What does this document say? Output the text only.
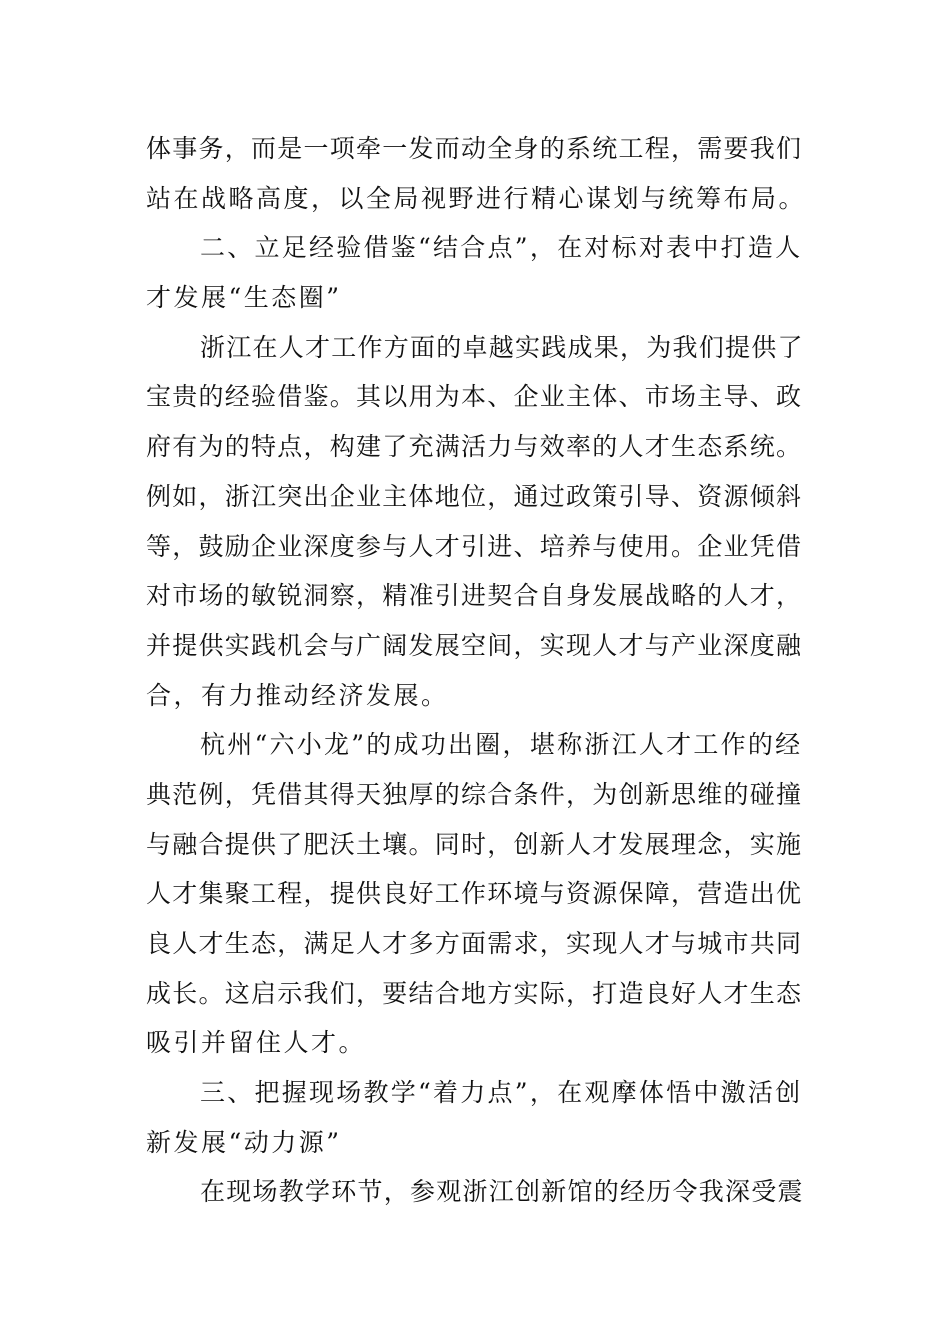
体事务，而是一项牵一发而动全身的系统工程，需要我们
站在战略高度，以全局视野进行精心谋划与统筹布局。
二、立足经验借鉴“结合点”，在对标对表中打造人
才发展“生态圈”
浙江在人才工作方面的卓越实践成果，为我们提供了
宝贵的经验借鉴。其以用为本、企业主体、市场主导、政
府有为的特点，构建了充满活力与效率的人才生态系统。
例如，浙江突出企业主体地位，通过政策引导、资源倾斜
等，鼓励企业深度参与人才引进、培养与使用。企业凭借
对市场的敏锐洞察，精准引进契合自身发展战略的人才，
并提供实践机会与广阔发展空间，实现人才与产业深度融
合，有力推动经济发展。
杭州“六小龙”的成功出圈，堪称浙江人才工作的经
典范例，凭借其得天独厚的综合条件，为创新思维的碰撞
与融合提供了肥沃土壤。同时，创新人才发展理念，实施
人才集聚工程，提供良好工作环境与资源保障，营造出优
良人才生态，满足人才多方面需求，实现人才与城市共同
成长。这启示我们，要结合地方实际，打造良好人才生态
吸引并留住人才。
三、把握现场教学“着力点”，在观摩体悟中激活创
新发展“动力源”
在现场教学环节，参观浙江创新馆的经历令我深受震
